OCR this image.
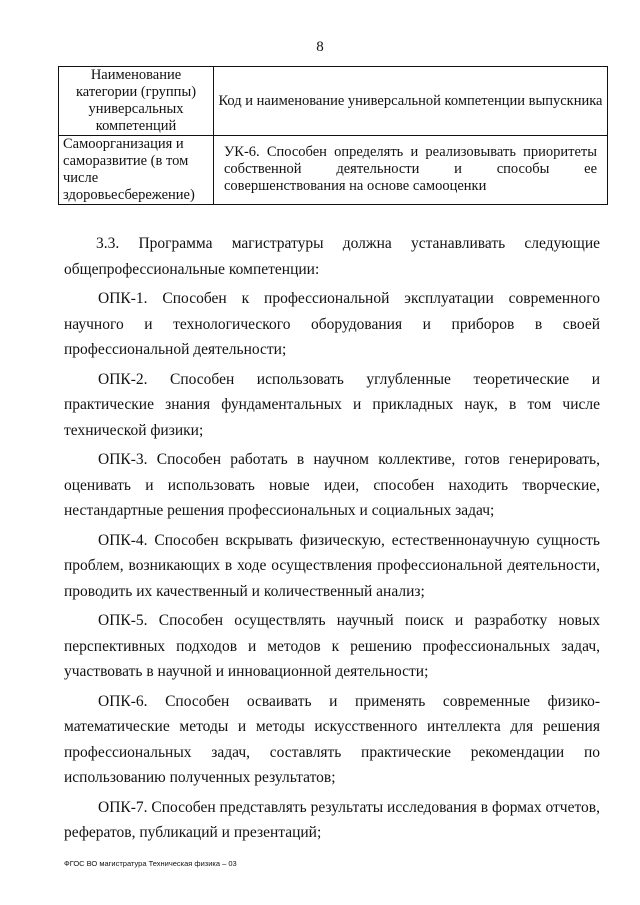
8
Наименование категории (группы) универсальных компетенций	Код и наименование универсальной компетенции выпускника
Самоорганизация и саморазвитие (в том числе здоровьесбережение)	УК-6. Способен определять и реализовывать приоритеты собственной деятельности и способы ее совершенствования на основе самооценки

3.3. Программа магистратуры должна устанавливать следующие общепрофессиональные компетенции:

ОПК-1. Способен к профессиональной эксплуатации современного научного и технологического оборудования и приборов в своей профессиональной деятельности;

ОПК-2. Способен использовать углубленные теоретические и практические знания фундаментальных и прикладных наук, в том числе технической физики;

ОПК-3. Способен работать в научном коллективе, готов генерировать, оценивать и использовать новые идеи, способен находить творческие, нестандартные решения профессиональных и социальных задач;

ОПК-4. Способен вскрывать физическую, естественнонаучную сущность проблем, возникающих в ходе осуществления профессиональной деятельности, проводить их качественный и количественный анализ;

ОПК-5. Способен осуществлять научный поиск и разработку новых перспективных подходов и методов к решению профессиональных задач, участвовать в научной и инновационной деятельности;

ОПК-6. Способен осваивать и применять современные физико-математические методы и методы искусственного интеллекта для решения профессиональных задач, составлять практические рекомендации по использованию полученных результатов;

ОПК-7. Способен представлять результаты исследования в формах отчетов, рефератов, публикаций и презентаций;

ФГОС ВО магистратура Техническая физика – 03
